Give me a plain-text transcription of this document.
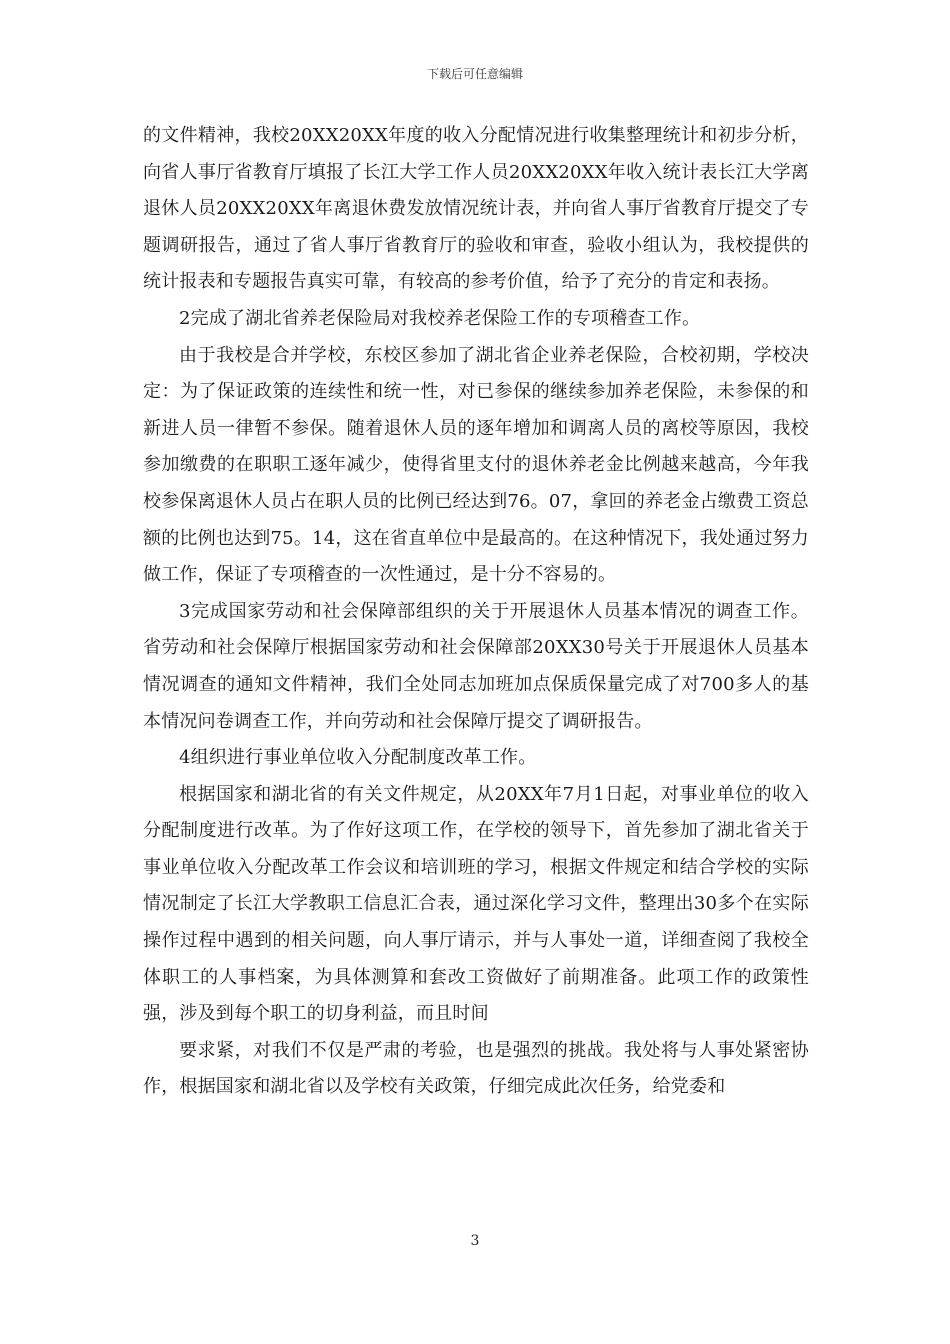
下载后可任意编辑

的文件精神，我校20XX20XX年度的收入分配情况进行收集整理统计和初步分析，向省人事厅省教育厅填报了长江大学工作人员20XX20XX年收入统计表长江大学离退休人员20XX20XX年离退休费发放情况统计表，并向省人事厅省教育厅提交了专题调研报告，通过了省人事厅省教育厅的验收和审查，验收小组认为，我校提供的统计报表和专题报告真实可靠，有较高的参考价值，给予了充分的肯定和表扬。

2完成了湖北省养老保险局对我校养老保险工作的专项稽查工作。

由于我校是合并学校，东校区参加了湖北省企业养老保险，合校初期，学校决定：为了保证政策的连续性和统一性，对已参保的继续参加养老保险，未参保的和新进人员一律暂不参保。随着退休人员的逐年增加和调离人员的离校等原因，我校参加缴费的在职职工逐年减少，使得省里支付的退休养老金比例越来越高，今年我校参保离退休人员占在职人员的比例已经达到76。07，拿回的养老金占缴费工资总额的比例也达到75。14，这在省直单位中是最高的。在这种情况下，我处通过努力做工作，保证了专项稽查的一次性通过，是十分不容易的。

3完成国家劳动和社会保障部组织的关于开展退休人员基本情况的调查工作。省劳动和社会保障厅根据国家劳动和社会保障部20XX30号关于开展退休人员基本情况调查的通知文件精神，我们全处同志加班加点保质保量完成了对700多人的基本情况问卷调查工作，并向劳动和社会保障厅提交了调研报告。

4组织进行事业单位收入分配制度改革工作。

根据国家和湖北省的有关文件规定，从20XX年7月1日起，对事业单位的收入分配制度进行改革。为了作好这项工作，在学校的领导下，首先参加了湖北省关于事业单位收入分配改革工作会议和培训班的学习，根据文件规定和结合学校的实际情况制定了长江大学教职工信息汇合表，通过深化学习文件，整理出30多个在实际操作过程中遇到的相关问题，向人事厅请示，并与人事处一道，详细查阅了我校全体职工的人事档案，为具体测算和套改工资做好了前期准备。此项工作的政策性强，涉及到每个职工的切身利益，而且时间

要求紧，对我们不仅是严肃的考验，也是强烈的挑战。我处将与人事处紧密协作，根据国家和湖北省以及学校有关政策，仔细完成此次任务，给党委和

3
